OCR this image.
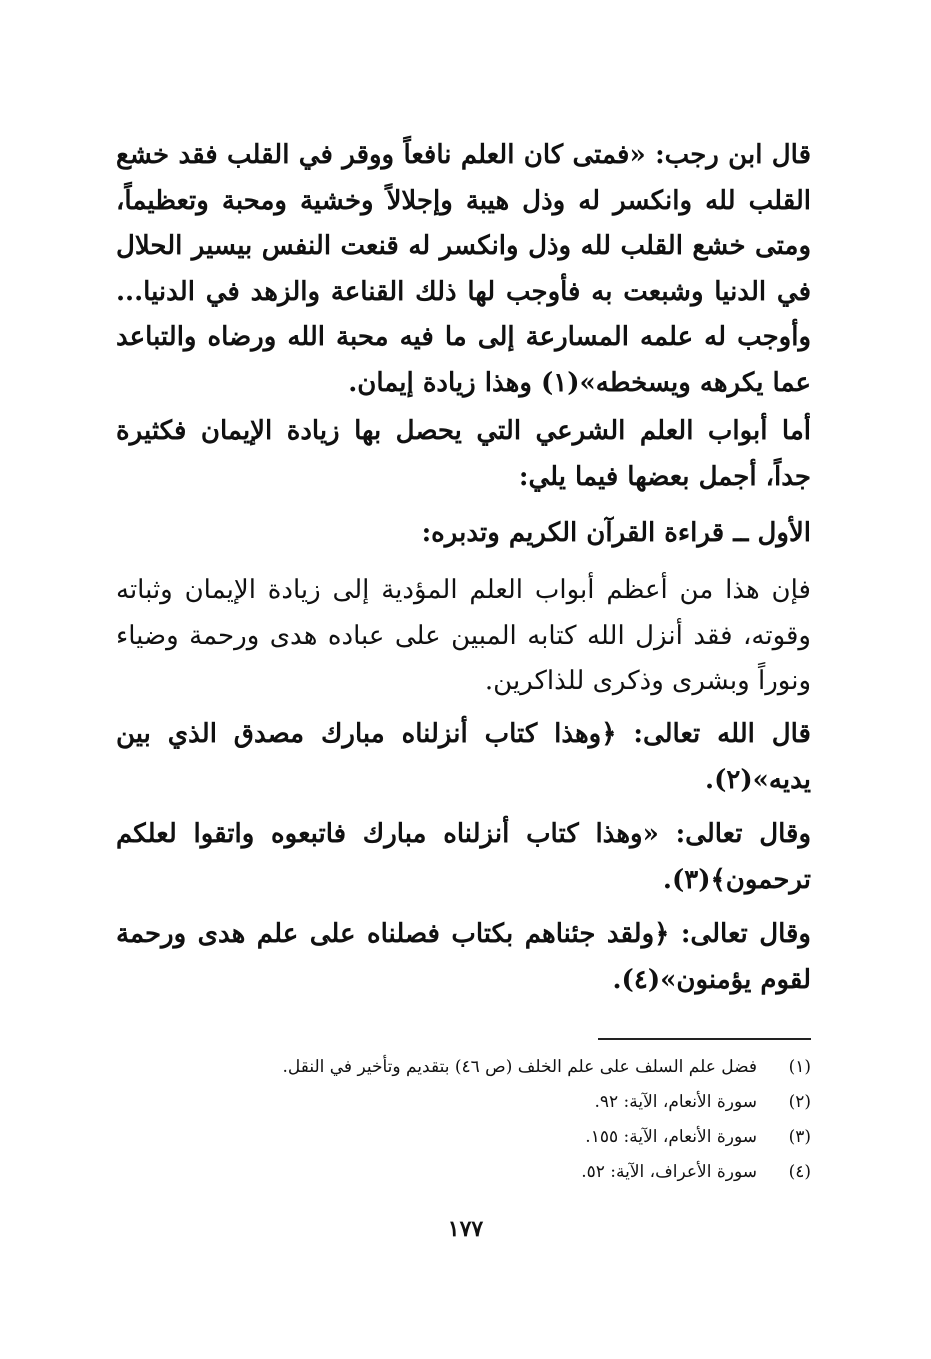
قال ابن رجب: «فمتى كان العلم نافعاً ووقر في القلب فقد خشع القلب لله وانكسر له وذل هيبة وإجلالاً وخشية ومحبة وتعظيماً، ومتى خشع القلب لله وذل وانكسر له قنعت النفس بيسير الحلال في الدنيا وشبعت به فأوجب لها ذلك القناعة والزهد في الدنيا... وأوجب له علمه المسارعة إلى ما فيه محبة الله ورضاه والتباعد عما يكرهه ويسخطه»(١) وهذا زيادة إيمان.
أما أبواب العلم الشرعي التي يحصل بها زيادة الإيمان فكثيرة جداً، أجمل بعضها فيما يلي:
الأول ــ قراءة القرآن الكريم وتدبره:
فإن هذا من أعظم أبواب العلم المؤدية إلى زيادة الإيمان وثباته وقوته، فقد أنزل الله كتابه المبين على عباده هدى ورحمة وضياء ونوراً وبشرى وذكرى للذاكرين.
قال الله تعالى: ﴿وهذا كتاب أنزلناه مبارك مصدق الذي بين يديه»(٢).
وقال تعالى: «وهذا كتاب أنزلناه مبارك فاتبعوه واتقوا لعلكم ترحمون﴾(٣).
وقال تعالى: ﴿ولقد جئناهم بكتاب فصلناه على علم هدى ورحمة لقوم يؤمنون»(٤).
(١)
فضل علم السلف على علم الخلف (ص ٤٦) بتقديم وتأخير في النقل.
(٢)
سورة الأنعام، الآية: ٩٢.
(٣)
سورة الأنعام، الآية: ١٥٥.
(٤)
سورة الأعراف، الآية: ٥٢.
١٧٧
